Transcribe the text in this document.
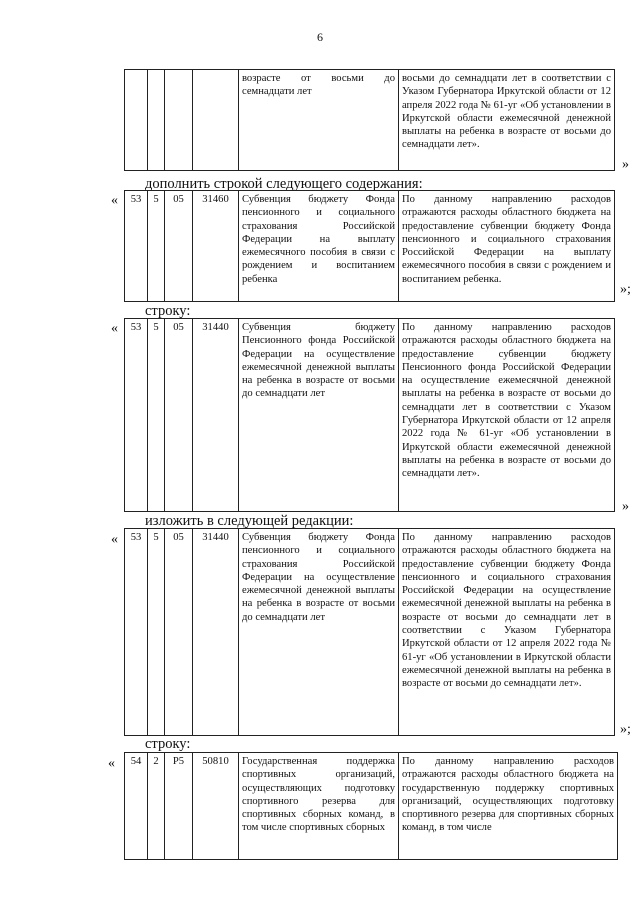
6
				возрасте от восьми до семнадцати лет	восьми до семнадцати лет в соответствии с Указом Губернатора Иркутской области от 12 апреля 2022 года № 61-уг «Об установлении в Иркутской области ежемесячной денежной выплаты на ребенка в возрасте от восьми до семнадцати лет».
»
дополнить строкой следующего содержания:
« 53	5	05	31460	Субвенция бюджету Фонда пенсионного и социального страхования Российской Федерации на выплату ежемесячного пособия в связи с рождением и воспитанием ребенка	По данному направлению расходов отражаются расходы областного бюджета на предоставление субвенции бюджету Фонда пенсионного и социального страхования Российской Федерации на выплату ежемесячного пособия в связи с рождением и воспитанием ребенка.
»;
строку:
« 53	5	05	31440	Субвенция бюджету Пенсионного фонда Российской Федерации на осуществление ежемесячной денежной выплаты на ребенка в возрасте от восьми до семнадцати лет	По данному направлению расходов отражаются расходы областного бюджета на предоставление субвенции бюджету Пенсионного фонда Российской Федерации на осуществление ежемесячной денежной выплаты на ребенка в возрасте от восьми до семнадцати лет в соответствии с Указом Губернатора Иркутской области от 12 апреля 2022 года № 61-уг «Об установлении в Иркутской области ежемесячной денежной выплаты на ребенка в возрасте от восьми до семнадцати лет».
»
изложить в следующей редакции:
« 53	5	05	31440	Субвенция бюджету Фонда пенсионного и социального страхования Российской Федерации на осуществление ежемесячной денежной выплаты на ребенка в возрасте от восьми до семнадцати лет	По данному направлению расходов отражаются расходы областного бюджета на предоставление субвенции бюджету Фонда пенсионного и социального страхования Российской Федерации на осуществление ежемесячной денежной выплаты на ребенка в возрасте от восьми до семнадцати лет в соответствии с Указом Губернатора Иркутской области от 12 апреля 2022 года № 61-уг «Об установлении в Иркутской области ежемесячной денежной выплаты на ребенка в возрасте от восьми до семнадцати лет».
»;
строку:
« 54	2	P5	50810	Государственная поддержка спортивных организаций, осуществляющих подготовку спортивного резерва для спортивных сборных команд, в том числе спортивных сборных	По данному направлению расходов отражаются расходы областного бюджета на государственную поддержку спортивных организаций, осуществляющих подготовку спортивного резерва для спортивных сборных команд, в том числе
